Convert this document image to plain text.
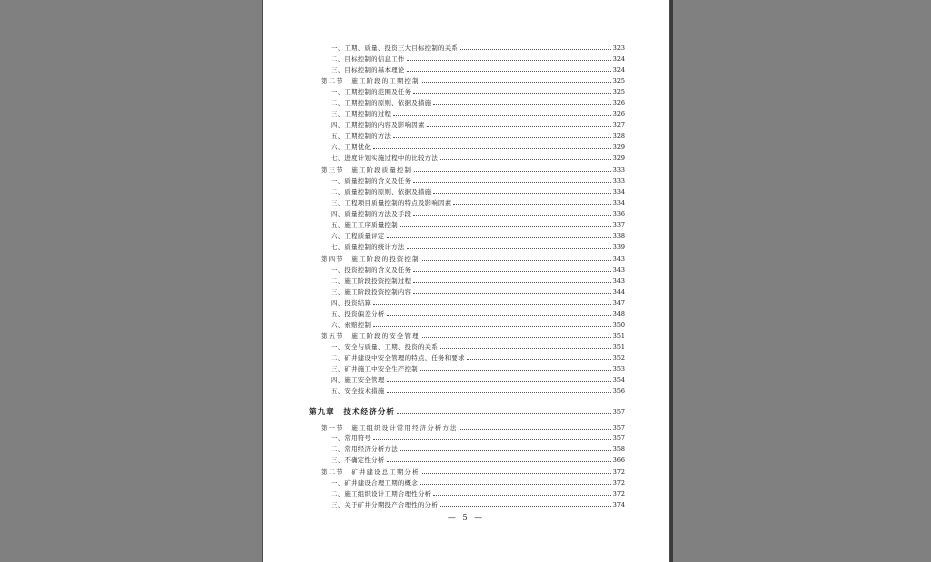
一、工期、质量、投资三大目标控制的关系	323
二、目标控制的信息工作	324
三、目标控制的基本理论	324
第二节　施工阶段的工期控制	325
一、工期控制的范围及任务	325
二、工期控制的原则、依据及措施	326
三、工期控制的过程	326
四、工期控制的内容及影响因素	327
五、工期控制的方法	328
六、工期优化	329
七、进度计划实施过程中的比较方法	329
第三节　施工阶段质量控制	333
一、质量控制的含义及任务	333
二、质量控制的原则、依据及措施	334
三、工程项目质量控制的特点及影响因素	334
四、质量控制的方法及手段	336
五、施工工序质量控制	337
六、工程质量评定	338
七、质量控制的统计方法	339
第四节　施工阶段的投资控制	343
一、投资控制的含义及任务	343
二、施工阶段投资控制过程	343
三、施工阶段投资控制内容	344
四、投资结算	347
五、投资偏差分析	348
六、索赔控制	350
第五节　施工阶段的安全管理	351
一、安全与质量、工期、投资的关系	351
二、矿井建设中安全管理的特点、任务和要求	352
三、矿井施工中安全生产控制	353
四、施工安全管理	354
五、安全技术措施	356
第九章　技术经济分析	357
第一节　施工组织设计常用经济分析方法	357
一、常用符号	357
二、常用经济分析方法	358
三、不确定性分析	366
第二节　矿井建设总工期分析	372
一、矿井建设合理工期的概念	372
二、施工组织设计工期合理性分析	372
三、关于矿井分期投产合理性的分析	374
— 5 —
